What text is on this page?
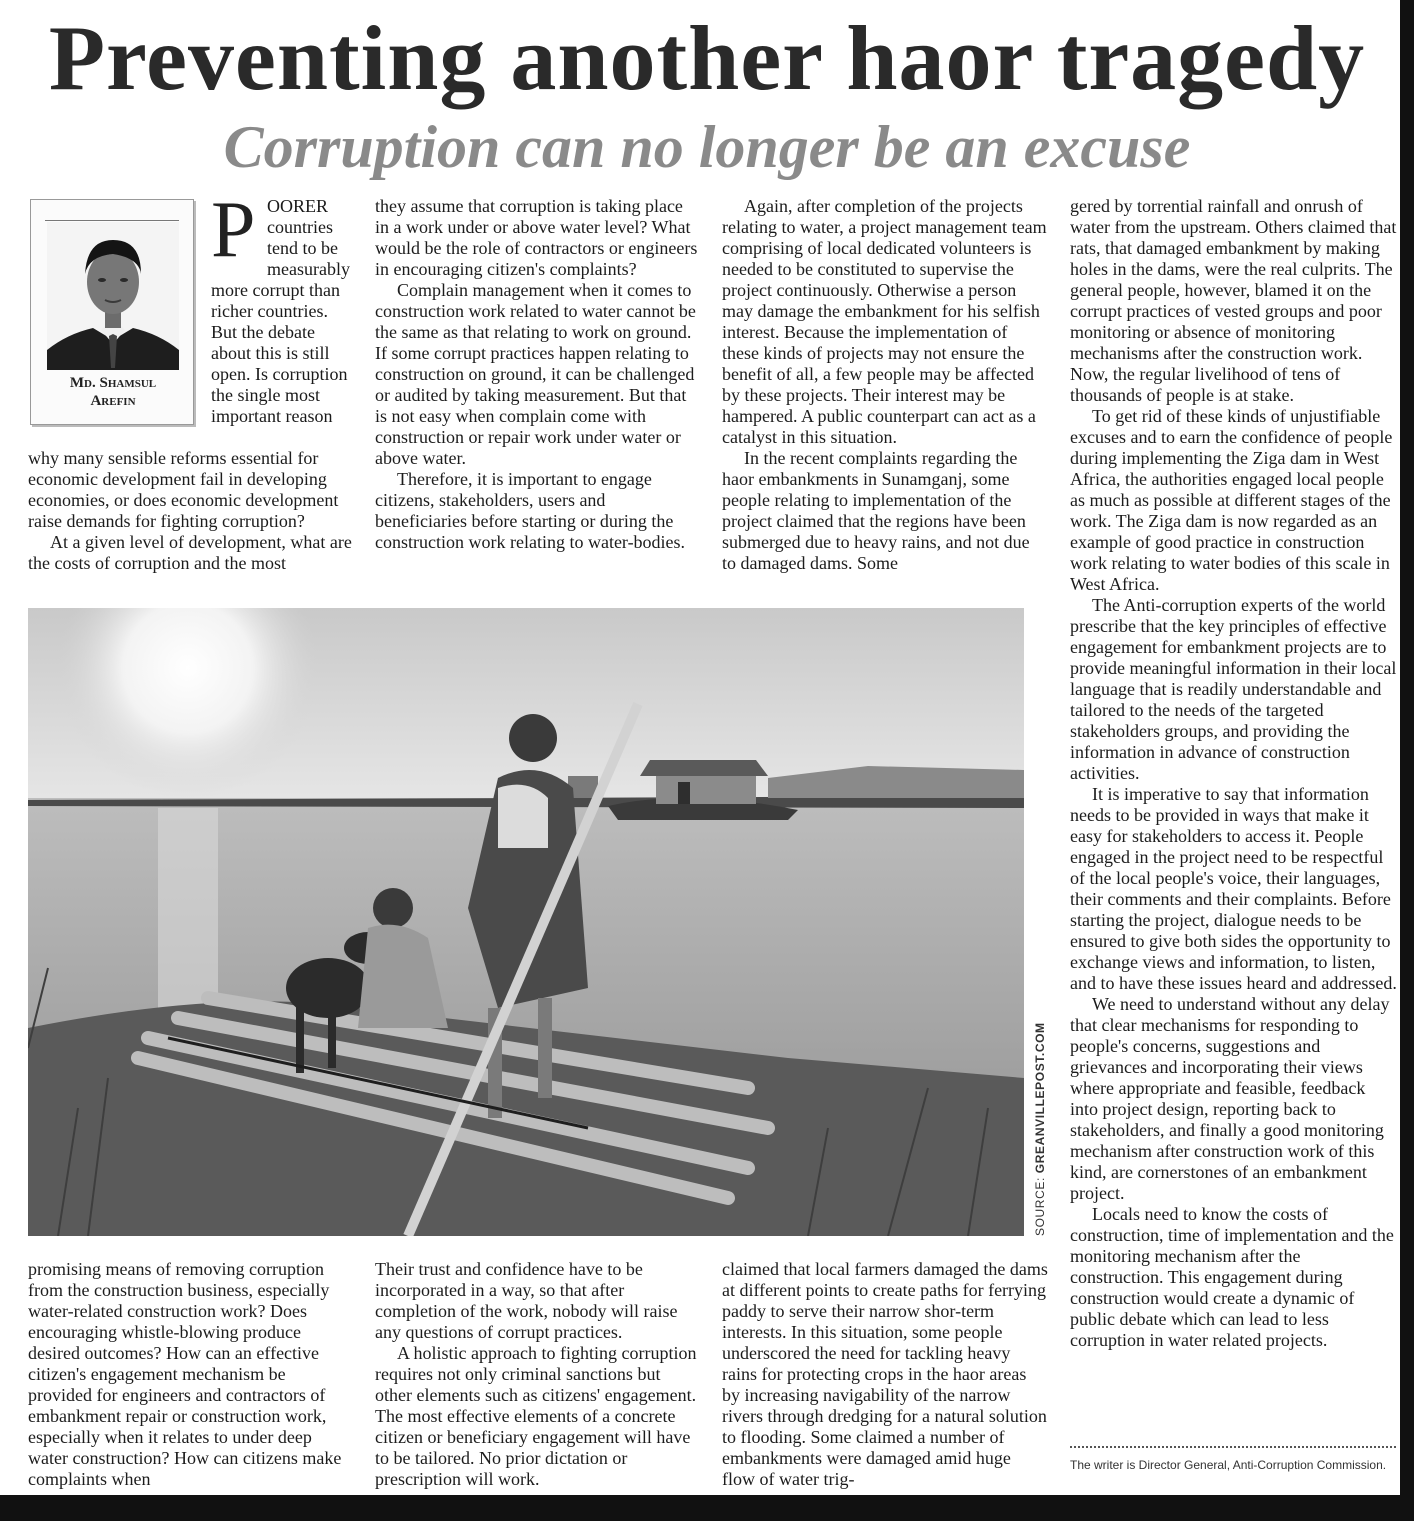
Preventing another haor tragedy
Corruption can no longer be an excuse
Md. Shamsul
Arefin
P OORER
countries tend to be measurably more corrupt than richer countries. But the debate about this is still open. Is corruption the single most important reason

why many sensible reforms essential for economic development fail in developing economies, or does economic development raise demands for fighting corruption?

At a given level of development, what are the costs of corruption and the most

they assume that corruption is taking place in a work under or above water level? What would be the role of contractors or engineers in encouraging citizen's complaints?

Complain management when it comes to construction work related to water cannot be the same as that relating to work on ground. If some corrupt practices happen relating to construction on ground, it can be challenged or audited by taking measurement. But that is not easy when complain come with construction or repair work under water or above water.

Therefore, it is important to engage citizens, stakeholders, users and beneficiaries before starting or during the construction work relating to water-bodies.

Again, after completion of the projects relating to water, a project management team comprising of local dedicated volunteers is needed to be constituted to supervise the project continuously. Otherwise a person may damage the embankment for his selfish interest. Because the implementation of these kinds of projects may not ensure the benefit of all, a few people may be affected by these projects. Their interest may be hampered. A public counterpart can act as a catalyst in this situation.

In the recent complaints regarding the haor embankments in Sunamganj, some people relating to implementation of the project claimed that the regions have been submerged due to heavy rains, and not due to damaged dams. Some

gered by torrential rainfall and onrush of water from the upstream. Others claimed that rats, that damaged embankment by making holes in the dams, were the real culprits. The general people, however, blamed it on the corrupt practices of vested groups and poor monitoring or absence of monitoring mechanisms after the construction work. Now, the regular livelihood of tens of thousands of people is at stake.

To get rid of these kinds of unjustifiable excuses and to earn the confidence of people during implementing the Ziga dam in West Africa, the authorities engaged local people as much as possible at different stages of the work. The Ziga dam is now regarded as an example of good practice in construction work relating to water bodies of this scale in West Africa.

The Anti-corruption experts of the world prescribe that the key principles of effective engagement for embankment projects are to provide meaningful information in their local language that is readily understandable and tailored to the needs of the targeted stakeholders groups, and providing the information in advance of construction activities.

It is imperative to say that information needs to be provided in ways that make it easy for stakeholders to access it. People engaged in the project need to be respectful of the local people's voice, their languages, their comments and their complaints. Before starting the project, dialogue needs to be ensured to give both sides the opportunity to exchange views and information, to listen, and to have these issues heard and addressed.

We need to understand without any delay that clear mechanisms for responding to people's concerns, suggestions and grievances and incorporating their views where appropriate and feasible, feedback into project design, reporting back to stakeholders, and finally a good monitoring mechanism after construction work of this kind, are cornerstones of an embankment project.

Locals need to know the costs of construction, time of implementation and the monitoring mechanism after the construction. This engagement during construction would create a dynamic of public debate which can lead to less corruption in water related projects.

SOURCE: GREANVILLEPOST.COM

promising means of removing corruption from the construction business, especially water-related construction work? Does encouraging whistle-blowing produce desired outcomes? How can an effective citizen's engagement mechanism be provided for engineers and contractors of embankment repair or construction work, especially when it relates to under deep water construction? How can citizens make complaints when

Their trust and confidence have to be incorporated in a way, so that after completion of the work, nobody will raise any questions of corrupt practices.

A holistic approach to fighting corruption requires not only criminal sanctions but other elements such as citizens' engagement. The most effective elements of a concrete citizen or beneficiary engagement will have to be tailored. No prior dictation or prescription will work.

claimed that local farmers damaged the dams at different points to create paths for ferrying paddy to serve their narrow shor-term interests. In this situation, some people underscored the need for tackling heavy rains for protecting crops in the haor areas by increasing navigability of the narrow rivers through dredging for a natural solution to flooding. Some claimed a number of embankments were damaged amid huge flow of water trig-

The writer is Director General, Anti-Corruption Commission.
